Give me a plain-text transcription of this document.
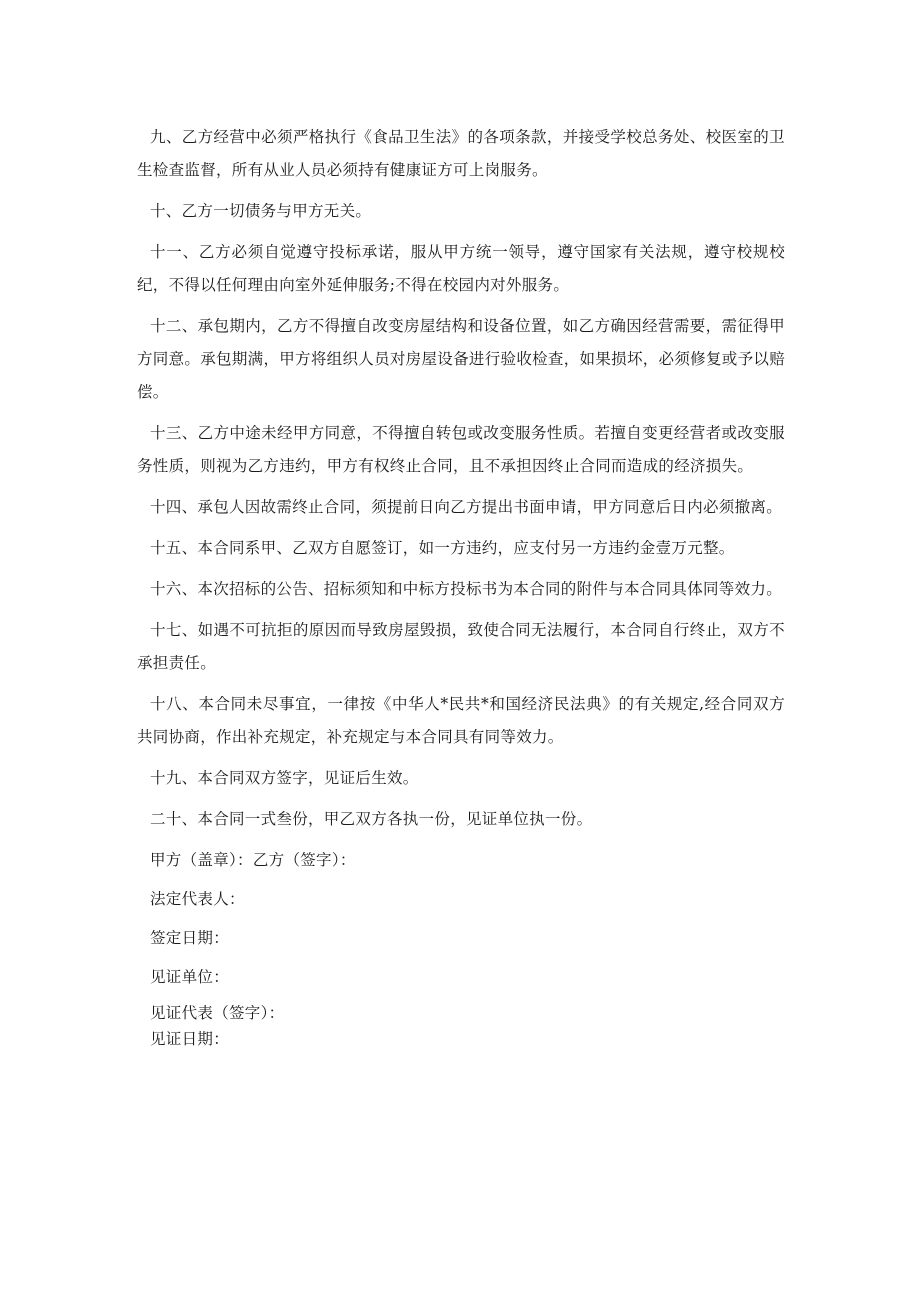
九、乙方经营中必须严格执行《食品卫生法》的各项条款，并接受学校总务处、校医室的卫生检查监督，所有从业人员必须持有健康证方可上岗服务。

十、乙方一切债务与甲方无关。

十一、乙方必须自觉遵守投标承诺，服从甲方统一领导，遵守国家有关法规，遵守校规校纪，不得以任何理由向室外延伸服务;不得在校园内对外服务。

十二、承包期内，乙方不得擅自改变房屋结构和设备位置，如乙方确因经营需要，需征得甲方同意。承包期满，甲方将组织人员对房屋设备进行验收检查，如果损坏，必须修复或予以赔偿。

十三、乙方中途未经甲方同意，不得擅自转包或改变服务性质。若擅自变更经营者或改变服务性质，则视为乙方违约，甲方有权终止合同，且不承担因终止合同而造成的经济损失。

十四、承包人因故需终止合同，须提前日向乙方提出书面申请，甲方同意后日内必须撤离。

十五、本合同系甲、乙双方自愿签订，如一方违约，应支付另一方违约金壹万元整。

十六、本次招标的公告、招标须知和中标方投标书为本合同的附件与本合同具体同等效力。

十七、如遇不可抗拒的原因而导致房屋毁损，致使合同无法履行，本合同自行终止，双方不承担责任。

十八、本合同未尽事宜，一律按《中华人*民共*和国经济民法典》的有关规定,经合同双方共同协商，作出补充规定，补充规定与本合同具有同等效力。

十九、本合同双方签字，见证后生效。

二十、本合同一式叁份，甲乙双方各执一份，见证单位执一份。

甲方（盖章）：乙方（签字）：

法定代表人：

签定日期：

见证单位：

见证代表（签字）：

见证日期：
